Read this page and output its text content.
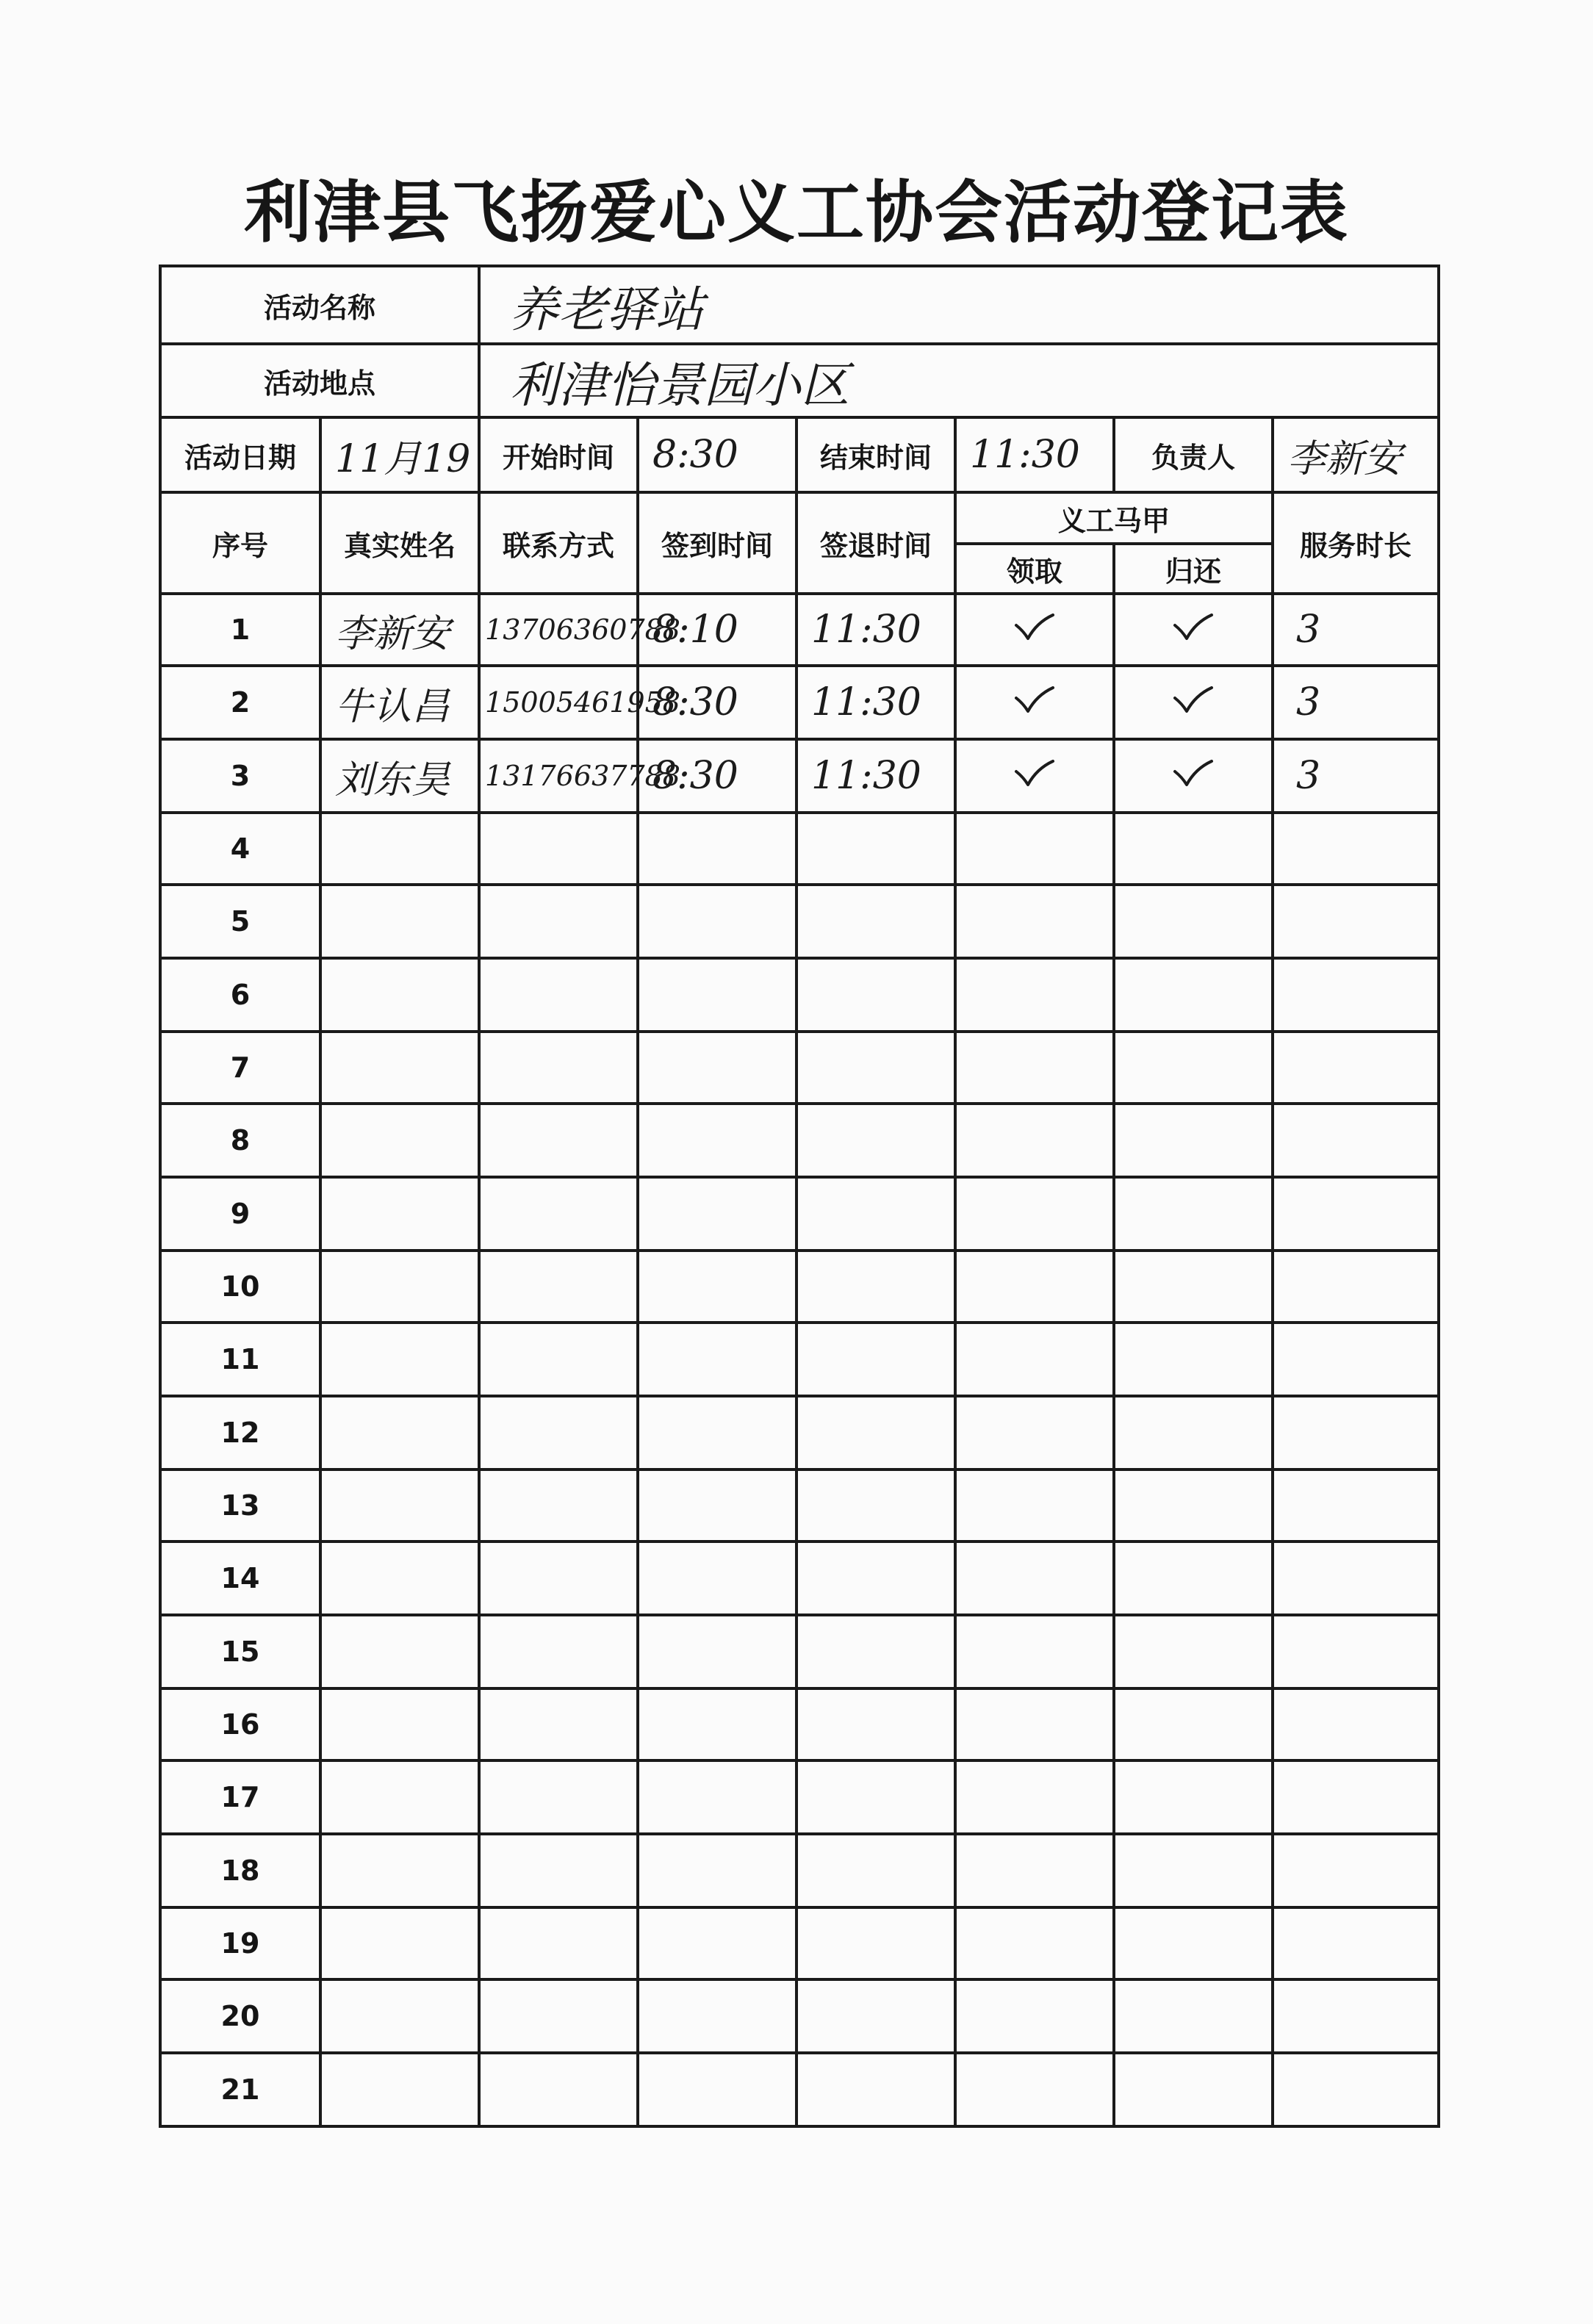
利津县飞扬爱心义工协会活动登记表
活动名称		养老驿站					
活动地点		利津怡景园小区					
活动日期	11月19	开始时间	8:30	结束时间	11:30	负责人	李新安
序号	真实姓名	联系方式	签到时间	签退时间	义工马甲		服务时长
					领取	归还	
1	李新安	13706360788	8:10	11:30			3
2	牛认昌	15005461958	8:30	11:30			3
3	刘东昊	13176637788	8:30	11:30			3
4							
5							
6							
7							
8							
9							
10							
11							
12							
13							
14							
15							
16							
17							
18							
19							
20							
21							
